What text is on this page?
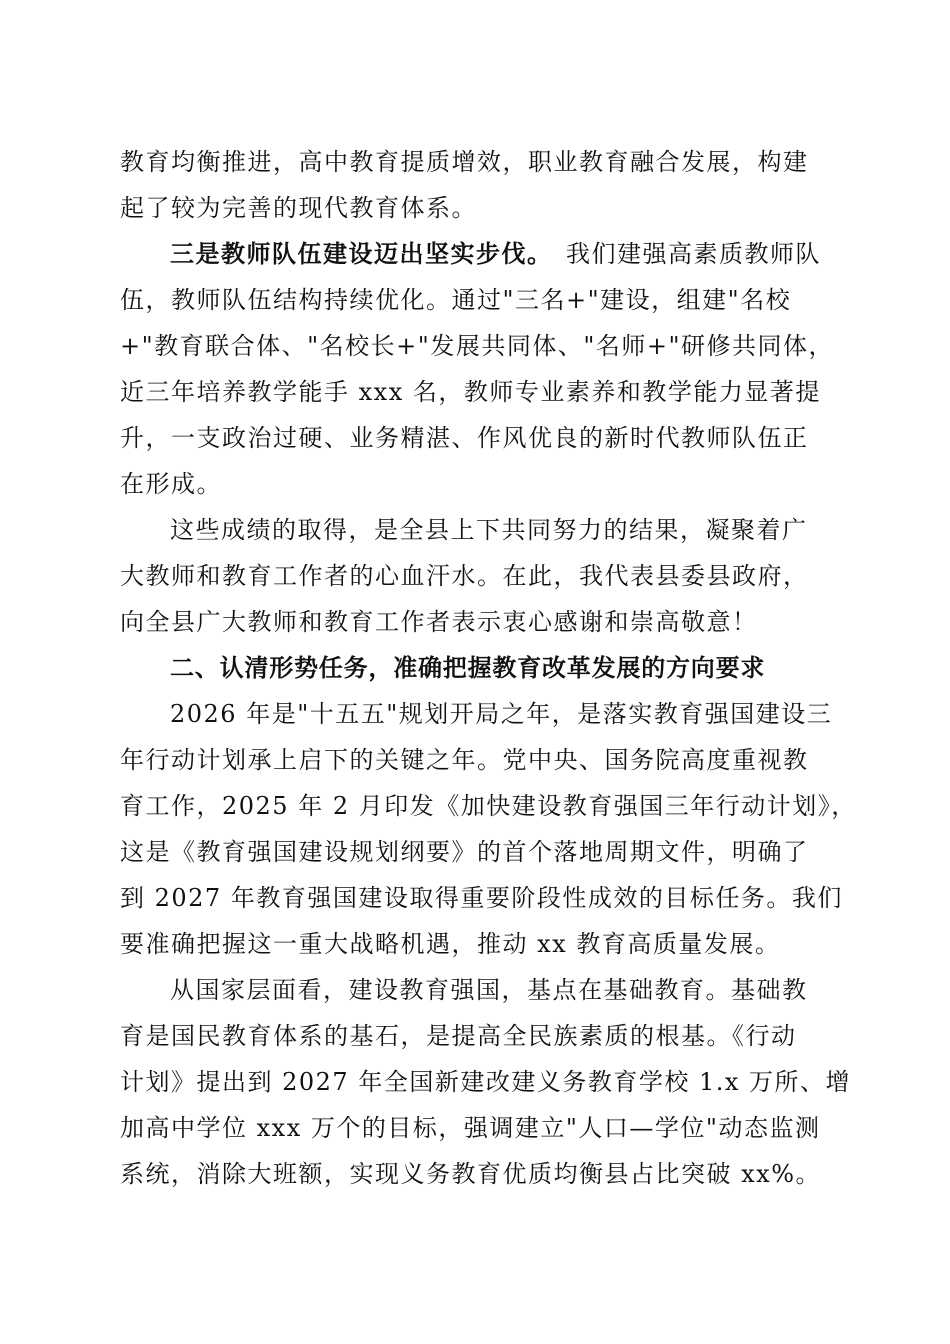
教育均衡推进，高中教育提质增效，职业教育融合发展，构建
起了较为完善的现代教育体系。
三是教师队伍建设迈出坚实步伐。 我们建强高素质教师队
伍，教师队伍结构持续优化。通过"三名+"建设，组建"名校
+"教育联合体、"名校长+"发展共同体、"名师+"研修共同体，
近三年培养教学能手 xxx 名，教师专业素养和教学能力显著提
升，一支政治过硬、业务精湛、作风优良的新时代教师队伍正
在形成。
这些成绩的取得，是全县上下共同努力的结果，凝聚着广
大教师和教育工作者的心血汗水。在此，我代表县委县政府，
向全县广大教师和教育工作者表示衷心感谢和崇高敬意！
二、认清形势任务，准确把握教育改革发展的方向要求
2026 年是"十五五"规划开局之年，是落实教育强国建设三
年行动计划承上启下的关键之年。党中央、国务院高度重视教
育工作，2025 年 2 月印发《加快建设教育强国三年行动计划》，
这是《教育强国建设规划纲要》的首个落地周期文件，明确了
到 2027 年教育强国建设取得重要阶段性成效的目标任务。我们
要准确把握这一重大战略机遇，推动 xx 教育高质量发展。
从国家层面看，建设教育强国，基点在基础教育。基础教
育是国民教育体系的基石，是提高全民族素质的根基。《行动
计划》提出到 2027 年全国新建改建义务教育学校 1.x 万所、增
加高中学位 xxx 万个的目标，强调建立"人口—学位"动态监测
系统，消除大班额，实现义务教育优质均衡县占比突破 xx%。
